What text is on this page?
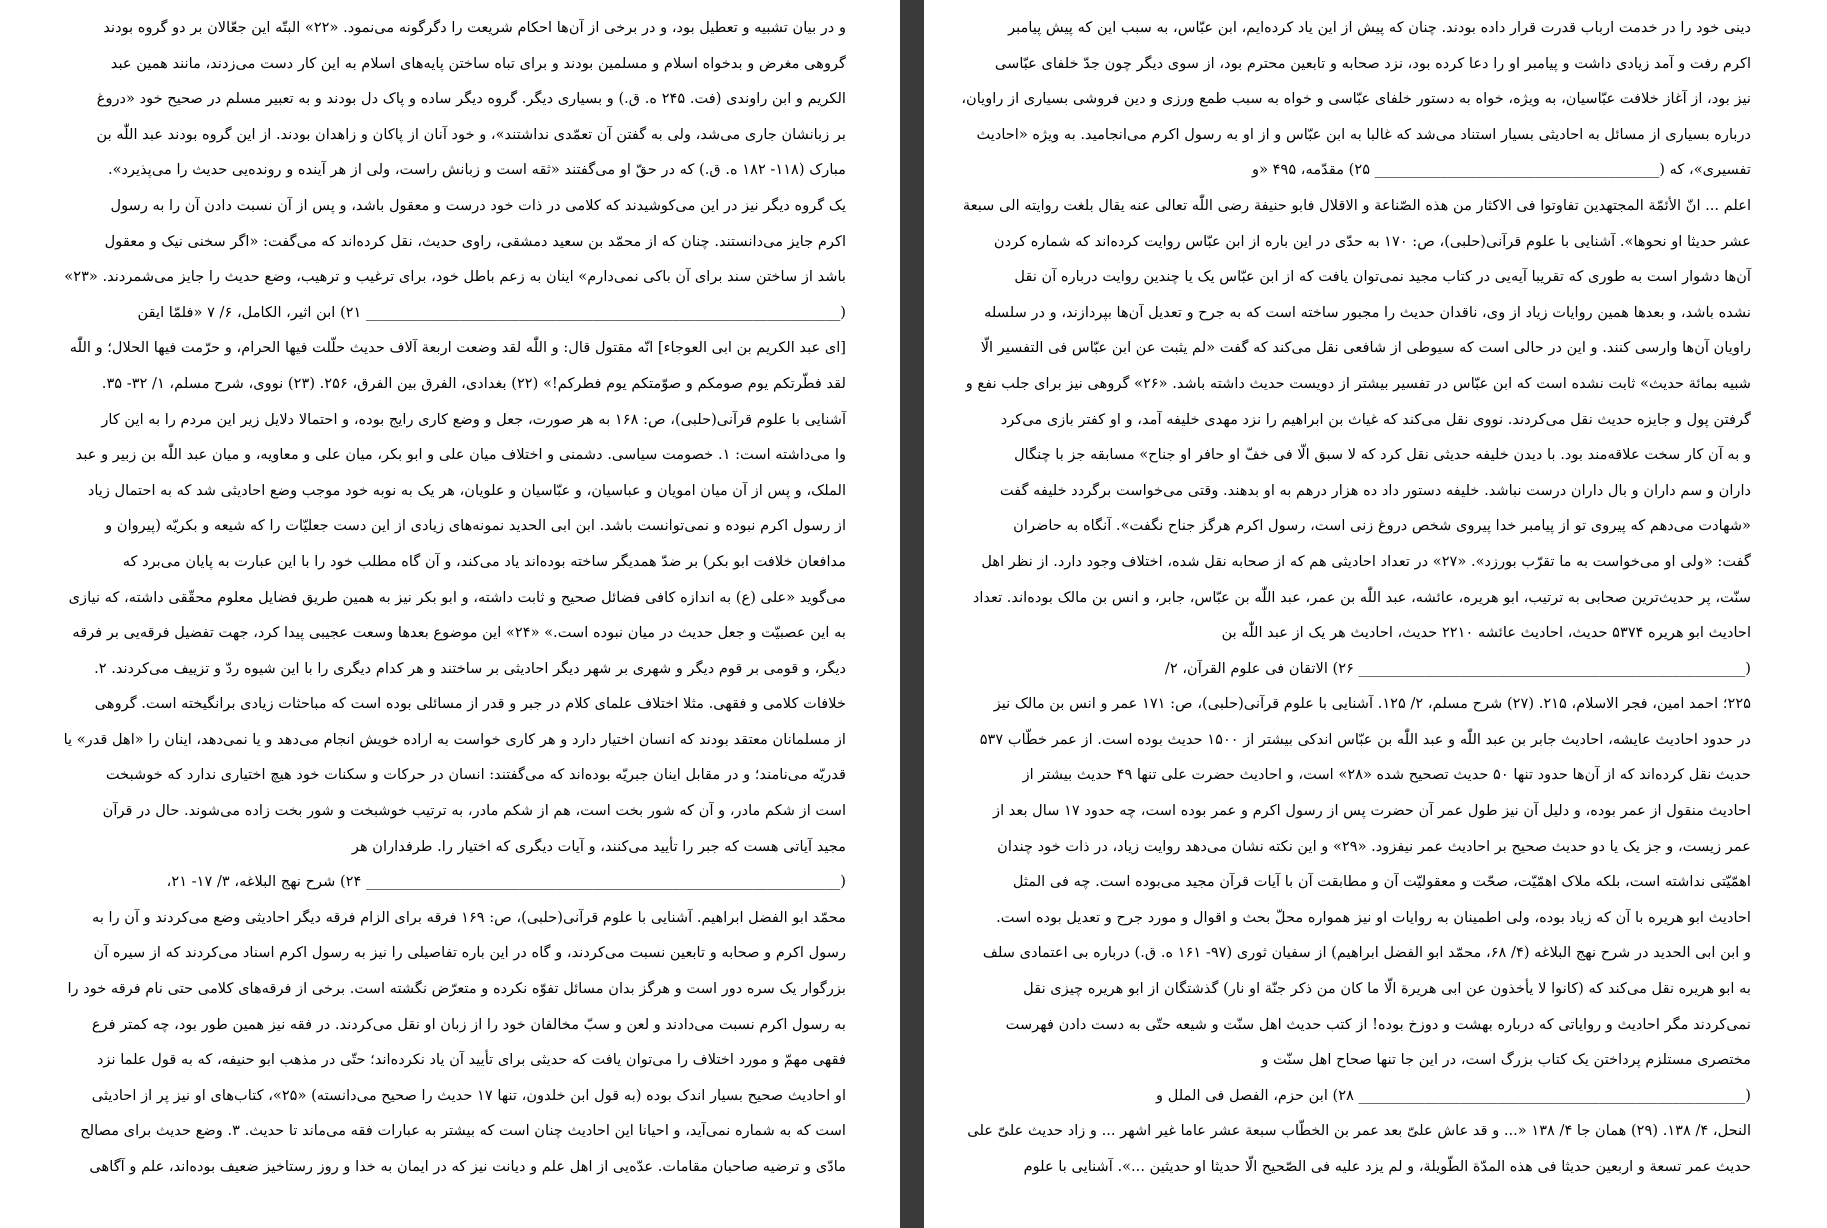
و در بیان تشبیه و تعطیل بود، و در برخی از آن‌ها احکام شریعت را دگرگونه می‌نمود. «۲۲» البتّه این جعّالان بر دو گروه بودند
گروهی مغرض و بدخواه اسلام و مسلمین بودند و برای تباه ساختن پایه‌های اسلام به این کار دست می‌زدند، مانند همین عبد
الکریم و ابن راوندی (فت. ۲۴۵ ه. ق.) و بسیاری دیگر. گروه دیگر ساده و پاک دل بودند و به تعبیر مسلم در صحیح خود «دروغ
بر زبانشان جاری می‌شد، ولی به گفتن آن تعمّدی نداشتند»، و خود آنان از پاکان و زاهدان بودند. از این گروه بودند عبد اللّٰه بن
مبارک (۱۱۸- ۱۸۲ ه. ق.) که در حقّ او می‌گفتند «ثقه است و زبانش راست، ولی از هر آینده و رونده‌یی حدیث را می‌پذیرد».
یک گروه دیگر نیز در این می‌کوشیدند که کلامی در ذات خود درست و معقول باشد، و پس از آن نسبت دادن آن را به رسول
اکرم جایز می‌دانستند. چنان که از محمّد بن سعید دمشقی، راوی حدیث، نقل کرده‌اند که می‌گفت: «اگر سخنی نیک و معقول
باشد از ساختن سند برای آن باکی نمی‌دارم» اینان به زعم باطل خود، برای ترغیب و ترهیب، وضع حدیث را جایز می‌شمردند. «۲۳»
(_________________________________________________________________ ۲۱) ابن اثیر، الکامل، ۶/ ۷ «فلمّا ایقن
[ای عبد الکریم بن ابی العوجاء] انّه مقتول قال: و اللّٰه لقد وضعت اربعة آلاف حدیث حلّلت فیها الحرام، و حرّمت فیها الحلال؛ و اللّٰه
لقد فطّرتکم یوم صومکم و صوّمتکم یوم فطرکم!» (۲۲) بغدادی، الفرق بین الفرق، ۲۵۶. (۲۳) نووی، شرح مسلم، ۱/ ۳۲- ۳۵.
آشنایی با علوم قرآنی(حلبی)، ص: ۱۶۸ به هر صورت، جعل و وضع کاری رایج بوده، و احتمالا دلایل زیر این مردم را به این کار
وا می‌داشته است: ۱. خصومت سیاسی. دشمنی و اختلاف میان علی و ابو بکر، میان علی و معاویه، و میان عبد اللّٰه بن زبیر و عبد
الملک، و پس از آن میان امویان و عباسیان، و عبّاسیان و علویان، هر یک به نوبه خود موجب وضع احادیثی شد که به احتمال زیاد
از رسول اکرم نبوده و نمی‌توانست باشد. ابن ابی الحدید نمونه‌های زیادی از این دست جعلیّات را که شیعه و بکریّه (پیروان و
مدافعان خلافت ابو بکر) بر ضدّ همدیگر ساخته بوده‌اند یاد می‌کند، و آن گاه مطلب خود را با این عبارت به پایان می‌برد که
می‌گوید «علی (ع) به اندازه کافی فضائل صحیح و ثابت داشته، و ابو بکر نیز به همین طریق فضایل معلوم محقّقی داشته، که نیازی
به این عصبیّت و جعل حدیث در میان نبوده است.» «۲۴» این موضوع بعدها وسعت عجیبی پیدا کرد، جهت تفضیل فرقه‌یی بر فرقه
دیگر، و قومی بر قوم دیگر و شهری بر شهر دیگر احادیثی بر ساختند و هر کدام دیگری را با این شیوه ردّ و تزییف می‌کردند. ۲.
خلافات کلامی و فقهی. مثلا اختلاف علمای کلام در جبر و قدر از مسائلی بوده است که مباحثات زیادی برانگیخته است. گروهی
از مسلمانان معتقد بودند که انسان اختیار دارد و هر کاری خواست به اراده خویش انجام می‌دهد و یا نمی‌دهد، اینان را «اهل قدر» یا
قدریّه می‌نامند؛ و در مقابل اینان جبریّه بوده‌اند که می‌گفتند: انسان در حرکات و سکنات خود هیچ اختیاری ندارد که خوشبخت
است از شکم مادر، و آن که شور بخت است، هم از شکم مادر، به ترتیب خوشبخت و شور بخت زاده می‌شوند. حال در قرآن
مجید آیاتی هست که جبر را تأیید می‌کنند، و آیات دیگری که اختیار را. طرفداران هر
(_________________________________________________________________ ۲۴) شرح نهج البلاغه، ۳/ ۱۷- ۲۱،
محمّد ابو الفضل ابراهیم. آشنایی با علوم قرآنی(حلبی)، ص: ۱۶۹ فرقه برای الزام فرقه دیگر احادیثی وضع می‌کردند و آن را به
رسول اکرم و صحابه و تابعین نسبت می‌کردند، و گاه در این باره تفاصیلی را نیز به رسول اکرم اسناد می‌کردند که از سیره آن
بزرگوار یک سره دور است و هرگز بدان مسائل تفوّه نکرده و متعرّض نگشته است. برخی از فرقه‌های کلامی حتی نام فرقه خود را
به رسول اکرم نسبت می‌دادند و لعن و سبّ مخالفان خود را از زبان او نقل می‌کردند. در فقه نیز همین طور بود، چه کمتر فرع
فقهی مهمّ و مورد اختلاف را می‌توان یافت که حدیثی برای تأیید آن یاد نکرده‌اند؛ حتّی در مذهب ابو حنیفه، که به قول علما نزد
او احادیث صحیح بسیار اندک بوده (به قول ابن خلدون، تنها ۱۷ حدیث را صحیح می‌دانسته) «۲۵»، کتاب‌های او نیز پر از احادیثی
است که به شماره نمی‌آید، و احیانا این احادیث چنان است که بیشتر به عبارات فقه می‌ماند تا حدیث. ۳. وضع حدیث برای مصالح
مادّی و ترضیه صاحبان مقامات. عدّه‌یی از اهل علم و دیانت نیز که در ایمان به خدا و روز رستاخیز ضعیف بوده‌اند، علم و آگاهی
دینی خود را در خدمت ارباب قدرت قرار داده بودند. چنان که پیش از این یاد کرده‌ایم، ابن عبّاس، به سبب این که پیش پیامبر
اکرم رفت و آمد زیادی داشت و پیامبر او را دعا کرده بود، نزد صحابه و تابعین محترم بود، از سوی دیگر چون جدّ خلفای عبّاسی
نیز بود، از آغاز خلافت عبّاسیان، به ویژه، خواه به دستور خلفای عبّاسی و خواه به سبب طمع ورزی و دین فروشی بسیاری از راویان،
درباره بسیاری از مسائل به احادیثی بسیار استناد می‌شد که غالبا به ابن عبّاس و از او به رسول اکرم می‌انجامید. به ویژه «احادیث
تفسیری»، که (_______________________________________ ۲۵) مقدّمه، ۴۹۵ «و
اعلم ... انّ الأئمّة المجتهدین تفاوتوا فی الاکثار من هذه الصّناعة و الاقلال فابو حنیفة رضی اللّٰه تعالی عنه یقال بلغت روایته الی سبعة
عشر حدیثا او نحوها». آشنایی با علوم قرآنی(حلبی)، ص: ۱۷۰ به حدّی در این باره از ابن عبّاس روایت کرده‌اند که شماره کردن
آن‌ها دشوار است به طوری که تقریبا آیه‌یی در کتاب مجید نمی‌توان یافت که از ابن عبّاس یک یا چندین روایت درباره آن نقل
نشده باشد، و بعدها همین روایات زیاد از وی، ناقدان حدیث را مجبور ساخته است که به جرح و تعدیل آن‌ها بپردازند، و در سلسله
راویان آن‌ها وارسی کنند. و این در حالی است که سیوطی از شافعی نقل می‌کند که گفت «لم یثبت عن ابن عبّاس فی التفسیر الّا
شبیه بمائة حدیث» ثابت نشده است که ابن عبّاس در تفسیر بیشتر از دویست حدیث داشته باشد. «۲۶» گروهی نیز برای جلب نفع و
گرفتن پول و جایزه حدیث نقل می‌کردند. نووی نقل می‌کند که غیاث بن ابراهیم را نزد مهدی خلیفه آمد، و او کفتر بازی می‌کرد
و به آن کار سخت علاقه‌مند بود. با دیدن خلیفه حدیثی نقل کرد که لا سبق الّا فی خفّ او حافر او جناح» مسابقه جز با چنگال
داران و سم داران و بال داران درست نباشد. خلیفه دستور داد ده هزار درهم به او بدهند. وقتی می‌خواست برگردد خلیفه گفت
«شهادت می‌دهم که پیروی تو از پیامبر خدا پیروی شخص دروغ زنی است، رسول اکرم هرگز جناح نگفت». آنگاه به حاضران
گفت: «ولی او می‌خواست به ما تقرّب بورزد». «۲۷» در تعداد احادیثی هم که از صحابه نقل شده، اختلاف وجود دارد. از نظر اهل
سنّت، پر حدیث‌ترین صحابی به ترتیب، ابو هریره، عائشه، عبد اللّٰه بن عمر، عبد اللّٰه بن عبّاس، جابر، و انس بن مالک بوده‌اند. تعداد
احادیث ابو هریره ۵۳۷۴ حدیث، احادیث عائشه ۲۲۱۰ حدیث، احادیث هر یک از عبد اللّٰه بن
(_____________________________________________________ ۲۶) الاتقان فی علوم القرآن، ۲/
۲۲۵؛ احمد امین، فجر الاسلام، ۲۱۵. (۲۷) شرح مسلم، ۲/ ۱۲۵. آشنایی با علوم قرآنی(حلبی)، ص: ۱۷۱ عمر و انس بن مالک نیز
در حدود احادیث عایشه، احادیث جابر بن عبد اللّٰه و عبد اللّٰه بن عبّاس اندکی بیشتر از ۱۵۰۰ حدیث بوده است. از عمر خطّاب ۵۳۷
حدیث نقل کرده‌اند که از آن‌ها حدود تنها ۵۰ حدیث تصحیح شده «۲۸» است، و احادیث حضرت علی تنها ۴۹ حدیث بیشتر از
احادیث منقول از عمر بوده، و دلیل آن نیز طول عمر آن حضرت پس از رسول اکرم و عمر بوده است، چه حدود ۱۷ سال بعد از
عمر زیست، و جز یک یا دو حدیث صحیح بر احادیث عمر نیفزود. «۲۹» و این نکته نشان می‌دهد روایت زیاد، در ذات خود چندان
اهمّیّتی نداشته است، بلکه ملاک اهمّیّت، صحّت و معقولیّت آن و مطابقت آن با آیات قرآن مجید می‌بوده است. چه فی المثل
احادیث ابو هریره با آن که زیاد بوده، ولی اطمینان به روایات او نیز همواره محلّ بحث و اقوال و مورد جرح و تعدیل بوده است.
و ابن ابی الحدید در شرح نهج البلاغه (۴/ ۶۸، محمّد ابو الفضل ابراهیم) از سفیان ثوری (۹۷- ۱۶۱ ه. ق.) درباره بی اعتمادی سلف
به ابو هریره نقل می‌کند که (کانوا لا یأخذون عن ابی هریرة الّا ما کان من ذکر جنّة او نار) گذشتگان از ابو هریره چیزی نقل
نمی‌کردند مگر احادیث و روایاتی که درباره بهشت و دوزخ بوده! از کتب حدیث اهل سنّت و شیعه حتّی به دست دادن فهرست
مختصری مستلزم پرداختن یک کتاب بزرگ است، در این جا تنها صحاح اهل سنّت و
(_____________________________________________________ ۲۸) ابن حزم، الفصل فی الملل و
النحل، ۴/ ۱۳۸. (۲۹) همان جا ۴/ ۱۳۸ «... و قد عاش علیّ بعد عمر بن الخطّاب سبعة عشر عاما غیر اشهر ... و زاد حدیث علیّ علی
حدیث عمر تسعة و اربعین حدیثا فی هذه المدّة الطّویلة، و لم یزد علیه فی الصّحیح الّا حدیثا او حدیثین ...». آشنایی با علوم
